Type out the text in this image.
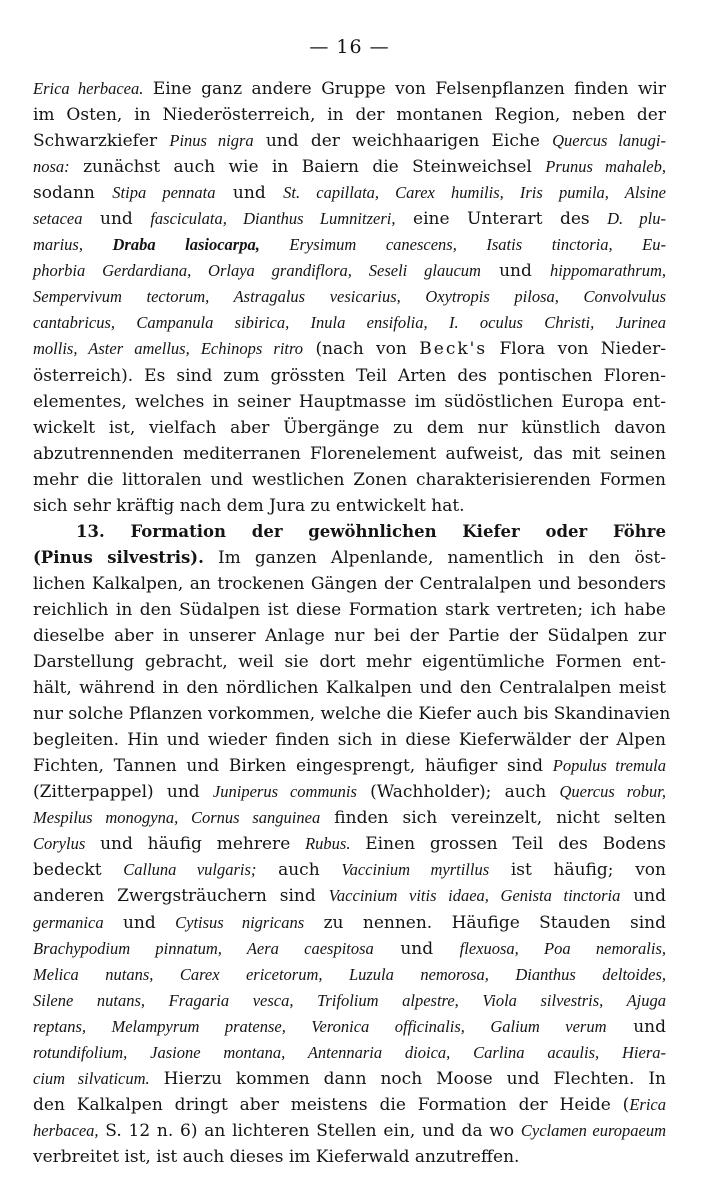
— 16 —
Erica herbacea. Eine ganz andere Gruppe von Felsenpflanzen finden wir
im Osten, in Niederösterreich, in der montanen Region, neben der
Schwarzkiefer Pinus nigra und der weichhaarigen Eiche Quercus lanugi-
nosa: zunächst auch wie in Baiern die Steinweichsel Prunus mahaleb,
sodann Stipa pennata und St. capillata, Carex humilis, Iris pumila, Alsine
setacea und fasciculata, Dianthus Lumnitzeri, eine Unterart des D. plu-
marius, Draba lasiocarpa, Erysimum canescens, Isatis tinctoria, Eu-
phorbia Gerdardiana, Orlaya grandiflora, Seseli glaucum und hippomarathrum,
Sempervivum tectorum, Astragalus vesicarius, Oxytropis pilosa, Convolvulus
cantabricus, Campanula sibirica, Inula ensifolia, I. oculus Christi, Jurinea
mollis, Aster amellus, Echinops ritro (nach von Beck's Flora von Nieder-
österreich). Es sind zum grössten Teil Arten des pontischen Floren-
elementes, welches in seiner Hauptmasse im südöstlichen Europa ent-
wickelt ist, vielfach aber Übergänge zu dem nur künstlich davon
abzutrennenden mediterranen Florenelement aufweist, das mit seinen
mehr die littoralen und westlichen Zonen charakterisierenden Formen
sich sehr kräftig nach dem Jura zu entwickelt hat.
13. Formation der gewöhnlichen Kiefer oder Föhre
(Pinus silvestris). Im ganzen Alpenlande, namentlich in den öst-
lichen Kalkalpen, an trockenen Gängen der Centralalpen und besonders
reichlich in den Südalpen ist diese Formation stark vertreten; ich habe
dieselbe aber in unserer Anlage nur bei der Partie der Südalpen zur
Darstellung gebracht, weil sie dort mehr eigentümliche Formen ent-
hält, während in den nördlichen Kalkalpen und den Centralalpen meist
nur solche Pflanzen vorkommen, welche die Kiefer auch bis Skandinavien
begleiten. Hin und wieder finden sich in diese Kieferwälder der Alpen
Fichten, Tannen und Birken eingesprengt, häufiger sind Populus tremula
(Zitterpappel) und Juniperus communis (Wachholder); auch Quercus robur,
Mespilus monogyna, Cornus sanguinea finden sich vereinzelt, nicht selten
Corylus und häufig mehrere Rubus. Einen grossen Teil des Bodens
bedeckt Calluna vulgaris; auch Vaccinium myrtillus ist häufig; von
anderen Zwergsträuchern sind Vaccinium vitis idaea, Genista tinctoria und
germanica und Cytisus nigricans zu nennen. Häufige Stauden sind
Brachypodium pinnatum, Aera caespitosa und flexuosa, Poa nemoralis,
Melica nutans, Carex ericetorum, Luzula nemorosa, Dianthus deltoides,
Silene nutans, Fragaria vesca, Trifolium alpestre, Viola silvestris, Ajuga
reptans, Melampyrum pratense, Veronica officinalis, Galium verum und
rotundifolium, Jasione montana, Antennaria dioica, Carlina acaulis, Hiera-
cium silvaticum. Hierzu kommen dann noch Moose und Flechten. In
den Kalkalpen dringt aber meistens die Formation der Heide (Erica
herbacea, S. 12 n. 6) an lichteren Stellen ein, und da wo Cyclamen europaeum
verbreitet ist, ist auch dieses im Kieferwald anzutreffen.
